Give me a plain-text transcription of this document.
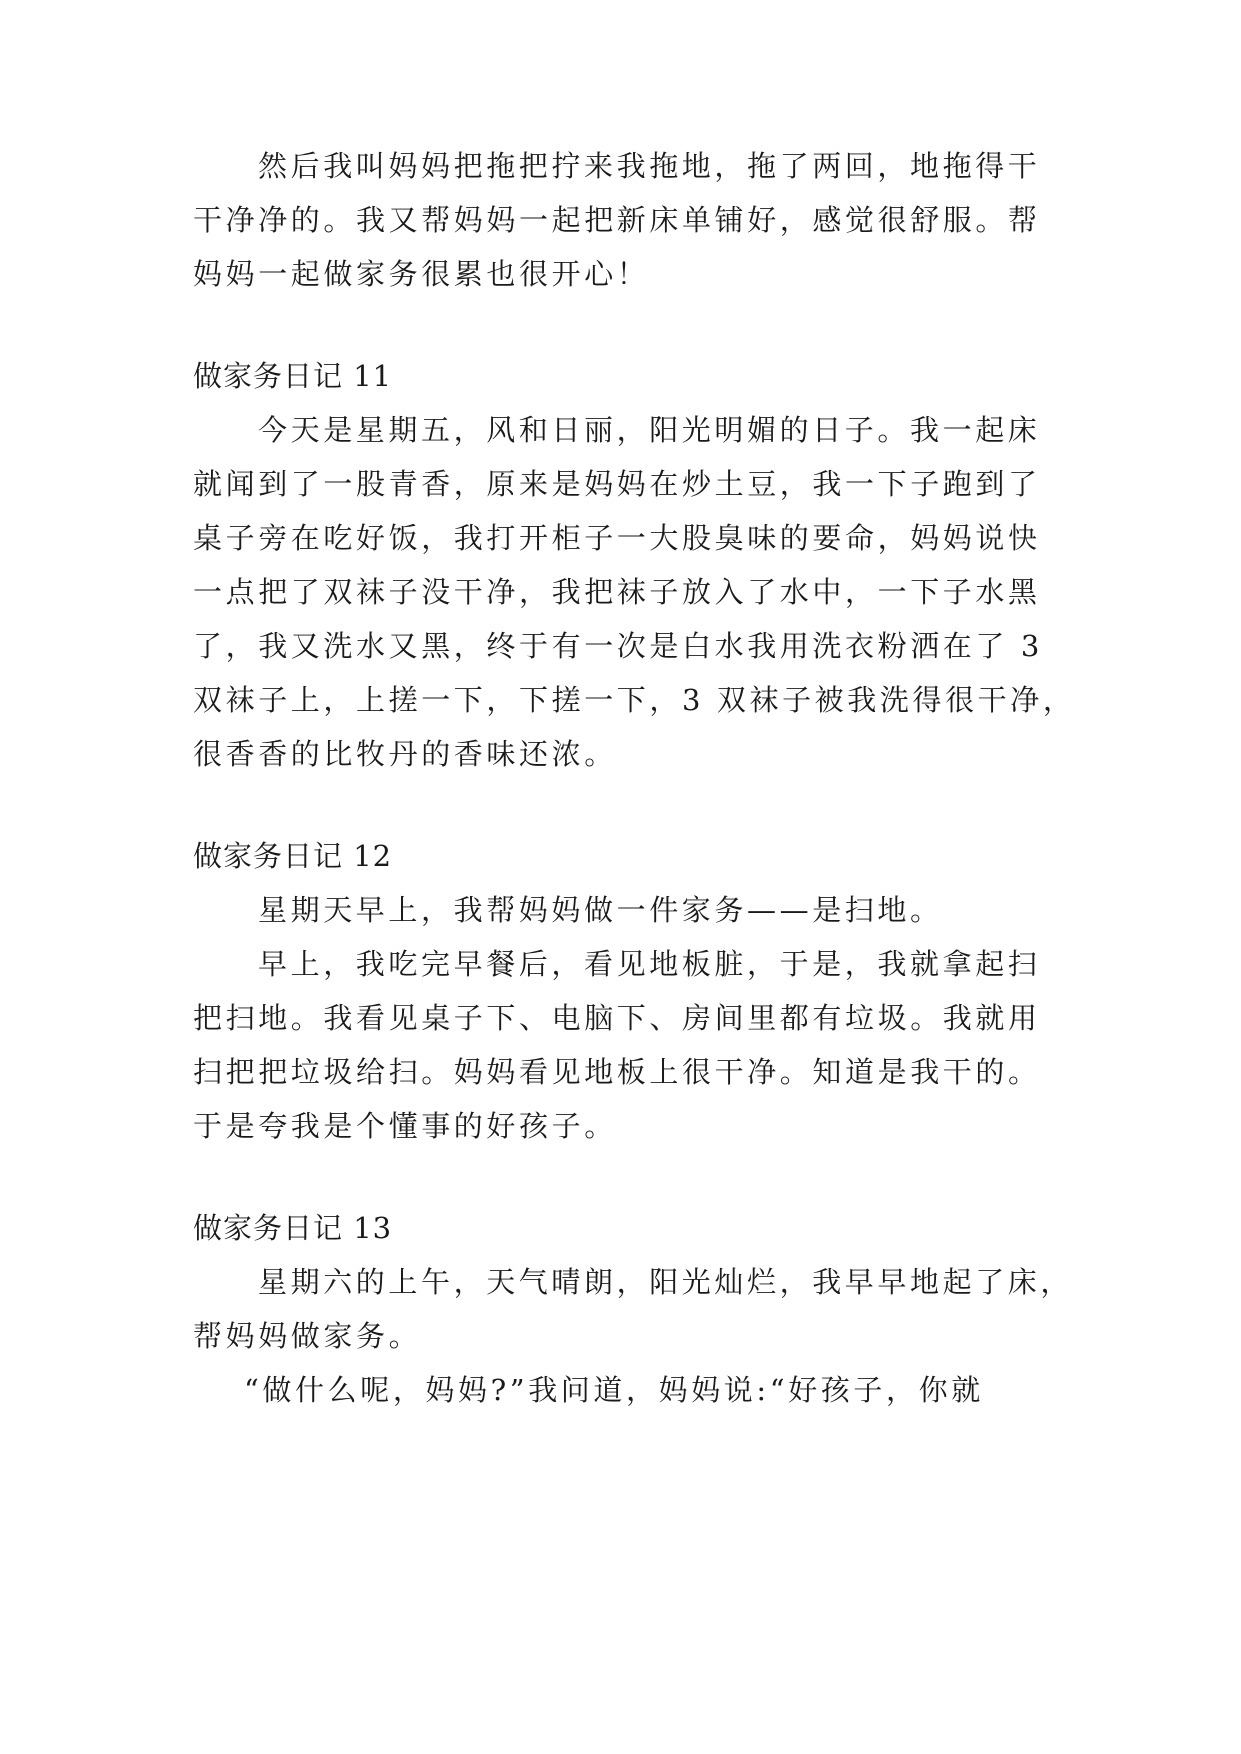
然后我叫妈妈把拖把拧来我拖地，拖了两回，地拖得干
干净净的。我又帮妈妈一起把新床单铺好，感觉很舒服。帮
妈妈一起做家务很累也很开心！
做家务日记 11
今天是星期五，风和日丽，阳光明媚的日子。我一起床
就闻到了一股青香，原来是妈妈在炒土豆，我一下子跑到了
桌子旁在吃好饭，我打开柜子一大股臭味的要命，妈妈说快
一点把了双袜子没干净，我把袜子放入了水中，一下子水黑
了，我又洗水又黑，终于有一次是白水我用洗衣粉洒在了 3
双袜子上，上搓一下，下搓一下，3 双袜子被我洗得很干净，
很香香的比牧丹的香味还浓。
做家务日记 12
星期天早上，我帮妈妈做一件家务——是扫地。
早上，我吃完早餐后，看见地板脏，于是，我就拿起扫
把扫地。我看见桌子下、电脑下、房间里都有垃圾。我就用
扫把把垃圾给扫。妈妈看见地板上很干净。知道是我干的。
于是夸我是个懂事的好孩子。
做家务日记 13
星期六的上午，天气晴朗，阳光灿烂，我早早地起了床，
帮妈妈做家务。
“做什么呢，妈妈?”我问道，妈妈说:“好孩子，你就
